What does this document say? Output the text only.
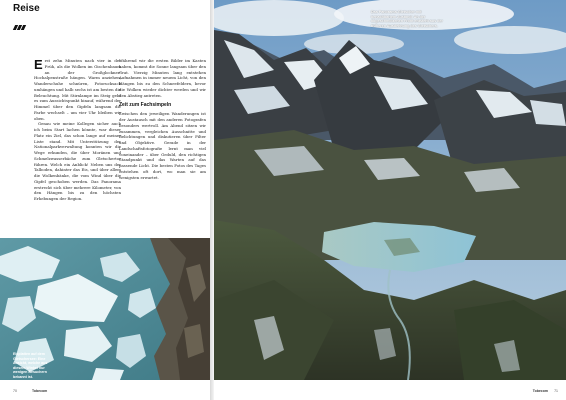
Reise

Erst zehn Minuten nach vier in der Früh, als die Wolken im Gischenbaum an der Großglockner-Hochalpenstraße hängen. Warm anziehen, Wanderschuhe schnüren, Fotorucksack umhängen und halb sechs ist am besten die Beleuchtung. Mit Stirnlampe im Steig geht es zum Aussichtspunkt hinauf, während der Himmel über den Gipfeln langsam die Farbe wechselt – um vier Uhr bleiben wir oben.

Genau wie meine Kollegen sicher auch ich beim Start lachen könnte, war dieser Platz ein Ziel, das schon lange auf meiner Liste stand. Mit Unterstützung der Nationalparkverwaltung konnten wir die Wege erkunden, die über Moränen und Schmelzwasserbäche zum Gletschertor führen. Welch ein Anblick! Neben uns der Talboden, dahinter das Eis, und über allem die Wolkenbänke, die vom Wind über die Gipfel geschoben werden. Das Panorama erstreckt sich über mehrere Kilometer, von den Hängen bis zu den höchsten Erhebungen der Region.

Während wir die ersten Bilder im Kasten haben, kommt die Sonne langsam über den Grat. Vierzig Minuten lang entstehen Aufnahmen in immer neuem Licht, von den Hängen bis zu den Schneefeldern, bevor die Wolken wieder dichter werden und wir den Abstieg antreten.

Zeit zum Fachsimpeln

Zwischen den jeweiligen Wanderungen ist der Austausch mit den anderen Fotografen besonders wertvoll. Am Abend sitzen wir zusammen, vergleichen Ausschnitte und Belichtungen und diskutieren über Filter und Objektive. Gerade in der Landschaftsfotografie lernt man viel voneinander – über Geduld, den richtigen Standpunkt und das Warten auf das passende Licht. Die besten Fotos des Tages entstehen oft dort, wo man sie am wenigsten erwartet.

Eisplatten auf dem Gletschersee: Eine Ansicht, welche aus diesem Winkel nur wenigen Besuchern bekannt ist.
70	Tobecom	Tobecom 71
Das Panorama-Gletscher mit benachbartem Zustand: An der abgeschmolzenen Front entsteht aus der früheren Ausdehnung des Gletschers.
